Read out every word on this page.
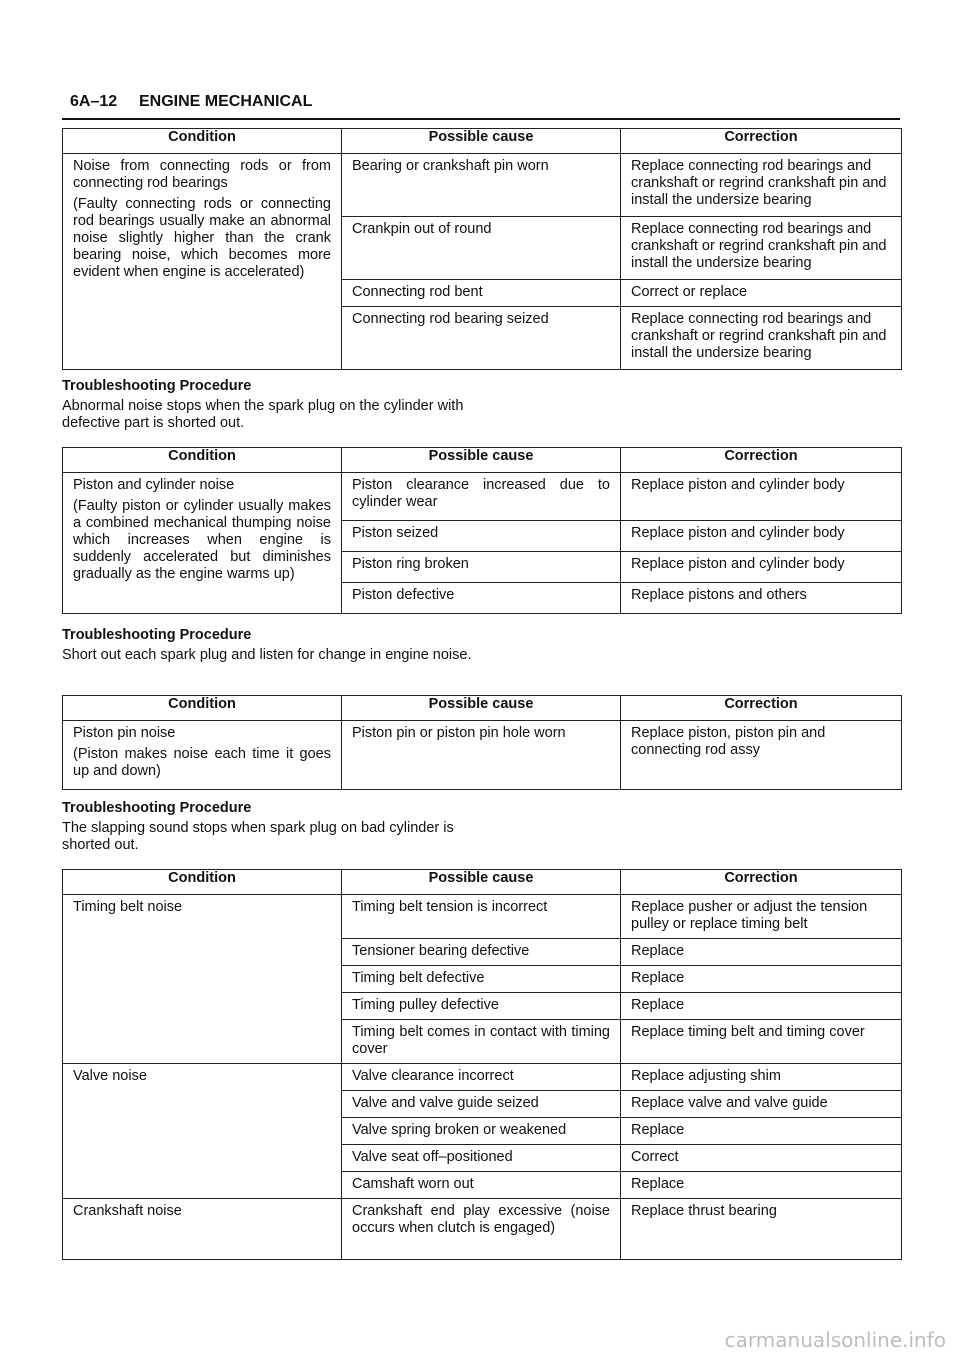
6A–12 ENGINE MECHANICAL
Condition	Possible cause	Correction

Noise from connecting rods or from connecting rod bearings

(Faulty connecting rods or connecting rod bearings usually make an abnormal noise slightly higher than the crank bearing noise, which becomes more evident when engine is accelerated)	Bearing or crankshaft pin worn	Replace connecting rod bearings and crankshaft or regrind crankshaft pin and install the undersize bearing
	Crankpin out of round	Replace connecting rod bearings and crankshaft or regrind crankshaft pin and install the undersize bearing
	Connecting rod bent	Correct or replace
	Connecting rod bearing seized	Replace connecting rod bearings and crankshaft or regrind crankshaft pin and install the undersize bearing
Troubleshooting Procedure
Abnormal noise stops when the spark plug on the cylinder with defective part is shorted out.
Condition	Possible cause	Correction

Piston and cylinder noise

(Faulty piston or cylinder usually makes a combined mechanical thumping noise which increases when engine is suddenly accelerated but diminishes gradually as the engine warms up)	Piston clearance increased due to cylinder wear	Replace piston and cylinder body
	Piston seized	Replace piston and cylinder body
	Piston ring broken	Replace piston and cylinder body
	Piston defective	Replace pistons and others
Troubleshooting Procedure
Short out each spark plug and listen for change in engine noise.
Condition	Possible cause	Correction

Piston pin noise

(Piston makes noise each time it goes up and down)	Piston pin or piston pin hole worn	Replace piston, piston pin and connecting rod assy
Troubleshooting Procedure
The slapping sound stops when spark plug on bad cylinder is shorted out.
Condition	Possible cause	Correction
Timing belt noise	Timing belt tension is incorrect	Replace pusher or adjust the tension pulley or replace timing belt
	Tensioner bearing defective	Replace
	Timing belt defective	Replace
	Timing pulley defective	Replace
	Timing belt comes in contact with timing cover	Replace timing belt and timing cover
Valve noise	Valve clearance incorrect	Replace adjusting shim
	Valve and valve guide seized	Replace valve and valve guide
	Valve spring broken or weakened	Replace
	Valve seat off–positioned	Correct
	Camshaft worn out	Replace
Crankshaft noise	Crankshaft end play excessive (noise occurs when clutch is engaged)	Replace thrust bearing
carmanualsonline.info
